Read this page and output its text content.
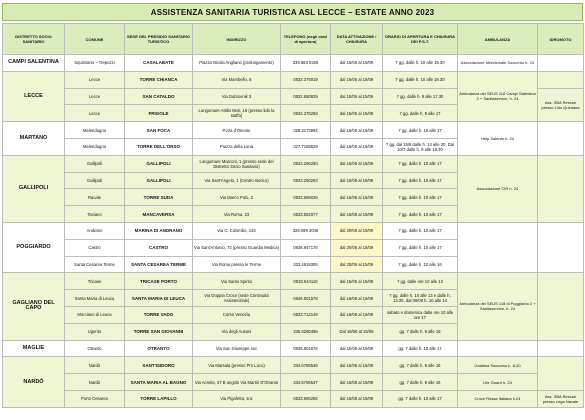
ASSISTENZA SANITARIA TURISTICA ASL LECCE – ESTATE ANNO 2023
DISTRETTO SOCIO SANITARIO	COMUNE	SEDE DEL PRESIDIO SANITARIO TURISTICO	INDIRIZZO	TELEFONO (negli orari di apertura)	DATA ATTIVAZIONE / CHIUSURA	ORARIO DI APERTURA E CHIUSURA DEI P.S.T.	AMBULANZA	IDROMOTO
CAMPI SALENTINA	Squinzano – Trepuzzi	CASALABATE	Piazza Nicola Angliano (prolungamento)	339.683 0326	dal 15/06 al 15/09	7 gg. dalle h. 10 alle 15.30	Associazione Meridionale Soccorso h. 24	
LECCE	Lecce	TORRE CHIANCA	Via Mambello, 8	0832.376019	dal 15/06 al 15/09	7 gg. dalle h. 10 alle 18.30	Ambulanza del SEUS 118 Campi Salentina 2 + Sanitaservice, h. 24	
	Lecce	SAN CATALDO	Via Dubrovnik 3	0832.650829	dal 15/06 al 15/09	7 gg. dalle h. 9 alle 17.30		Ass. SBA Rescue presso Lido Quintana
	Lecce	FRIGOLE	Lungomare Attilio Mori, 16 (presso lido la staffa)	0832.376268	dal 15/06 al 15/09	7 gg. dalle h. 9 alle 17		
MARTANO	Melendugno	SAN FOCA	P.zza d'Oriente	329.3173692	dal 15/06 al 15/09	7 gg. dalle h. 10 alle 17	Help Salento h. 24	
	Melendugno	TORRE DELL'ORSO	Piazza della Luna	327.7189629	dal 15/06 al 15/09	7 gg. dal 15/6 dalle h. 14 alle 20. Dal 10/7 dalle h. 9 alle 19.30		
GALLIPOLI	Gallipoli	GALLIPOLI	Lungomare Marconi, 1 (presso sede del Distretto Socio Sanitario)	0833.266250	dal 15/06 al 15/09	7 gg. dalle h. 10 alle 17	Associazione CIR h. 24	
	Gallipoli	GALLIPOLI	Via Sant'Angelo, 1 (Centro storico)	0833.260263	dal 15/06 al 15/09	7 gg. dalle h. 10 alle 17		
	Racale	TORRE SUDA	Via Marco Polo, 2	0833.589026	dal 15/06 al 15/09	7 gg. dalle h. 10 alle 17		
	Taviano	MANCAVERSA	Via Roma, 23	0833.582077	dal 15/06 al 15/09	7 gg. dalle h. 10 alle 17		
POGGIARDO	Andrano	MARINA DI ANDRANO	Via C. Colombo, 143	328.099 2046	dal 20/06 al 15/09	7 gg. dalle h. 10 alle 17		
	Castro	CASTRO	Via Sant'Antonio, 72 (presso Guardia Medica)	0836.947176	dal 20/06 al 15/09	7 gg. dalle h. 10 alle 17		
	Santa Cesarea Terme	SANTA CESAREA TERME	Via Roma presso le Terme	333.4919305	dal 20/06 al 15/09	7 gg. dalle h. 10 alle 16		
GAGLIANO DEL CAPO	Tricase	TRICASE PORTO	Via Santo Spirito	0833.544118	dal 15/06 al 15/09	7 gg. dalle ore 10 alle 13	Ambulanza del SEUS 118 di Poggiardo 2 + Sanitaservice, h. 24	
	Santa Maria di Leuca	SANTA MARIA DI LEUCA	Via Doppia Croce (sede Continuità Assistenziale)	0836.801676	dal 15/06 al 15/09	7 gg. dalle h. 10 alle 13 e dalle h. 13.30, dal 09/08 h. 10 alle 14		
	Morciano di Leuca	TORRE VADO	Corso Venezia	0833.712149	dal 15/06 al 15/09	sabato e domenica dalle ore 10 alle ore 17		
	Ugento	TORRE SAN GIOVANNI	Via degli Ausoni	335.8290498	Dal 19/06 al 15/09	gg. 7 dalle h. 9 alle 19		
MAGLIE	Otranto	OTRANTO	Via San Giuseppe snc	0836.801676	dal 15/06 al 15/09	gg. 7 dalle h. 10 alle 17		
NARDÒ	Nardò	SANT'ISIDORO	Via Marsala (presso Pro Loco)	334.6786536	dal 15/06 al 15/09	gg. 7 dalle h. 9 alle 16	Galatina Soccorso h. 8-20	
	Nardò	SANTA MARIA AL BAGNO	Via Acrelia, 47 B angolo Via Martiri D'Otranto	334.6786537	dal 15/06 al 15/09	gg. 7 dalle h. 9 alle 16	Life Guard h. 24	
	Porto Cesareo	TORRE LAPILLO	Via Pigafetta, snc	0833.565286	dal 15/06 al 15/09	gg. 7 dalle h. 10 alle 17	Croce Rossa Italiana h.24	Ass. SBA Rescue presso Lega Navale
